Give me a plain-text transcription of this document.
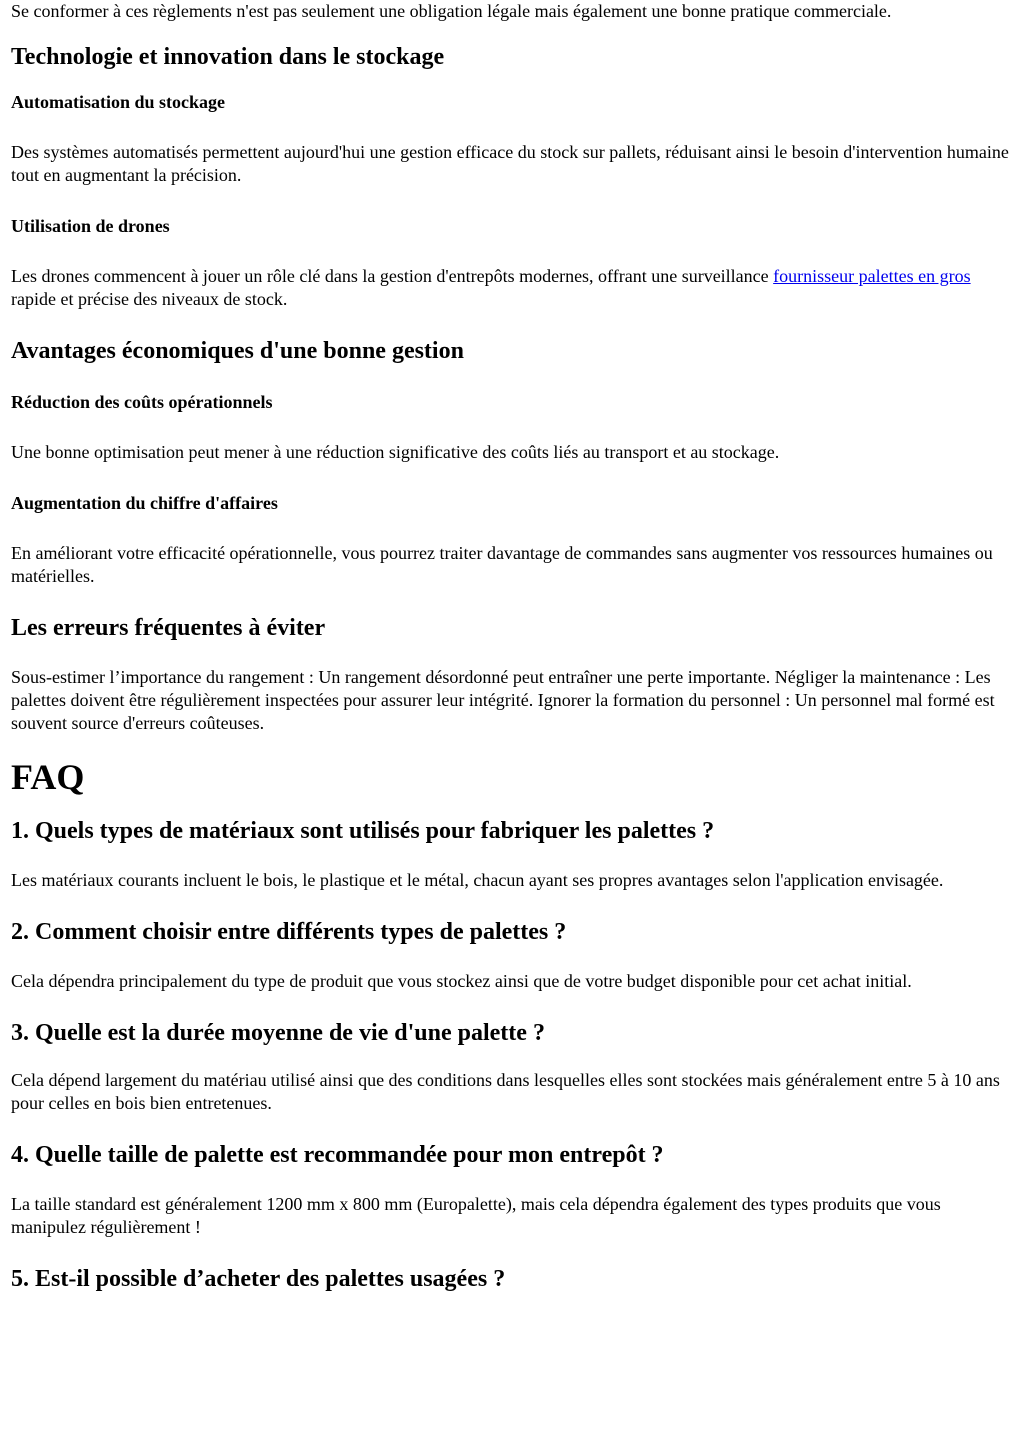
Se conformer à ces règlements n'est pas seulement une obligation légale mais également une bonne pratique commerciale.

Technologie et innovation dans le stockage
Automatisation du stockage

Des systèmes automatisés permettent aujourd'hui une gestion efficace du stock sur pallets, réduisant ainsi le besoin d'intervention humaine tout en augmentant la précision.

Utilisation de drones

Les drones commencent à jouer un rôle clé dans la gestion d'entrepôts modernes, offrant une surveillance fournisseur palettes en gros rapide et précise des niveaux de stock.

Avantages économiques d'une bonne gestion
Réduction des coûts opérationnels

Une bonne optimisation peut mener à une réduction significative des coûts liés au transport et au stockage.

Augmentation du chiffre d'affaires

En améliorant votre efficacité opérationnelle, vous pourrez traiter davantage de commandes sans augmenter vos ressources humaines ou matérielles.

Les erreurs fréquentes à éviter

Sous-estimer l’importance du rangement : Un rangement désordonné peut entraîner une perte importante. Négliger la maintenance : Les palettes doivent être régulièrement inspectées pour assurer leur intégrité. Ignorer la formation du personnel : Un personnel mal formé est souvent source d'erreurs coûteuses.

FAQ
1. Quels types de matériaux sont utilisés pour fabriquer les palettes ?

Les matériaux courants incluent le bois, le plastique et le métal, chacun ayant ses propres avantages selon l'application envisagée.

2. Comment choisir entre différents types de palettes ?

Cela dépendra principalement du type de produit que vous stockez ainsi que de votre budget disponible pour cet achat initial.

3. Quelle est la durée moyenne de vie d'une palette ?

Cela dépend largement du matériau utilisé ainsi que des conditions dans lesquelles elles sont stockées mais généralement entre 5 à 10 ans pour celles en bois bien entretenues.

4. Quelle taille de palette est recommandée pour mon entrepôt ?

La taille standard est généralement 1200 mm x 800 mm (Europalette), mais cela dépendra également des types produits que vous manipulez régulièrement !

5. Est-il possible d’acheter des palettes usagées ?
